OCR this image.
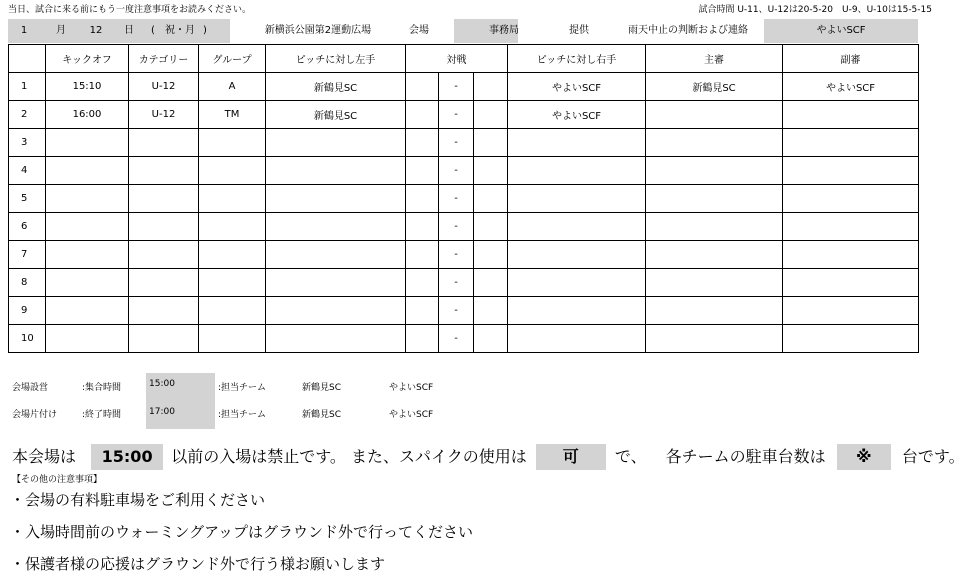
当日、試合に来る前にもう一度注意事項をお読みください。	試合時間 U-11、U-12は20-5-20　U-9、U-10は15-5-15
1	月	12	日	(	祝・月 )	新横浜公園第2運動広場	会場	事務局	提供	雨天中止の判断および連絡	やよいSCF
	キックオフ	カテゴリー	グループ	ピッチに対し左手	対戦			ピッチに対し右手	主審	副審
1	15:10	U-12	A	新鶴見SC		-		やよいSCF	新鶴見SC	やよいSCF
2	16:00	U-12	TM	新鶴見SC		-		やよいSCF		
3						-				
4						-				
5						-				
6						-				
7						-				
8						-				
9						-				
10						-				
会場設営	:集合時間	15:00	:担当チーム	新鶴見SC	やよいSCF
会場片付け	:終了時間	17:00	:担当チーム	新鶴見SC	やよいSCF
本会場は 15:00 以前の入場は禁止です。 また、スパイクの使用は 可 で、 各チームの駐車台数は ※ 台です。
【その他の注意事項】
・会場の有料駐車場をご利用ください
・入場時間前のウォーミングアップはグラウンド外で行ってください
・保護者様の応援はグラウンド外で行う様お願いします
